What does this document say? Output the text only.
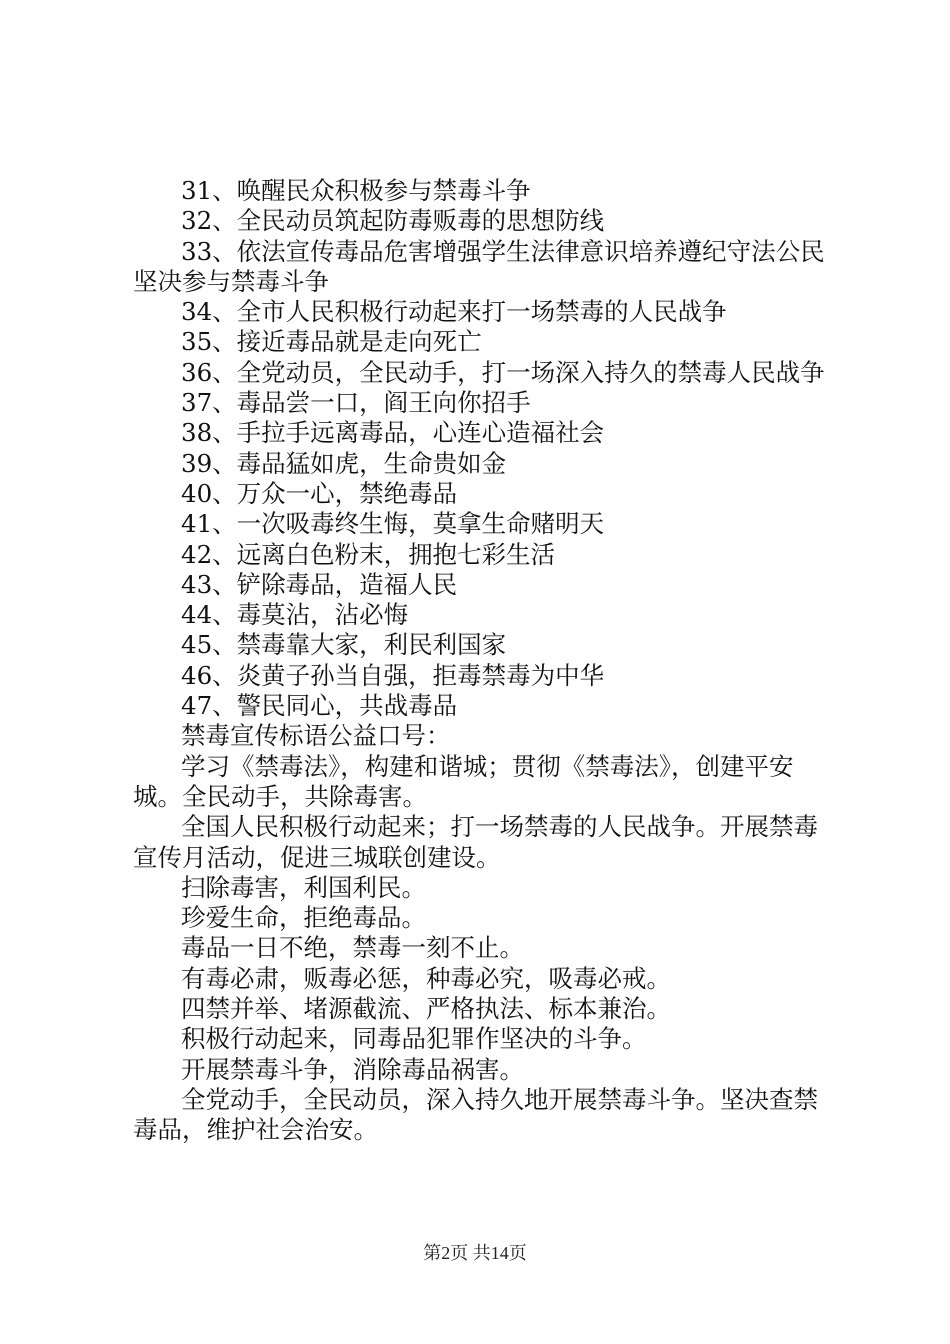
31、唤醒民众积极参与禁毒斗争

32、全民动员筑起防毒贩毒的思想防线

33、依法宣传毒品危害增强学生法律意识培养遵纪守法公民坚决参与禁毒斗争

34、全市人民积极行动起来打一场禁毒的人民战争

35、接近毒品就是走向死亡

36、全党动员，全民动手，打一场深入持久的禁毒人民战争

37、毒品尝一口，阎王向你招手

38、手拉手远离毒品，心连心造福社会

39、毒品猛如虎，生命贵如金

40、万众一心，禁绝毒品

41、一次吸毒终生悔，莫拿生命赌明天

42、远离白色粉末，拥抱七彩生活

43、铲除毒品，造福人民

44、毒莫沾，沾必悔

45、禁毒靠大家，利民利国家

46、炎黄子孙当自强，拒毒禁毒为中华

47、警民同心，共战毒品

禁毒宣传标语公益口号：

学习《禁毒法》，构建和谐城；贯彻《禁毒法》，创建平安城。全民动手，共除毒害。

全国人民积极行动起来；打一场禁毒的人民战争。开展禁毒宣传月活动，促进三城联创建设。

扫除毒害，利国利民。

珍爱生命，拒绝毒品。

毒品一日不绝，禁毒一刻不止。

有毒必肃，贩毒必惩，种毒必究，吸毒必戒。

四禁并举、堵源截流、严格执法、标本兼治。

积极行动起来，同毒品犯罪作坚决的斗争。

开展禁毒斗争，消除毒品祸害。

全党动手，全民动员，深入持久地开展禁毒斗争。坚决查禁毒品，维护社会治安。

第2页 共14页
